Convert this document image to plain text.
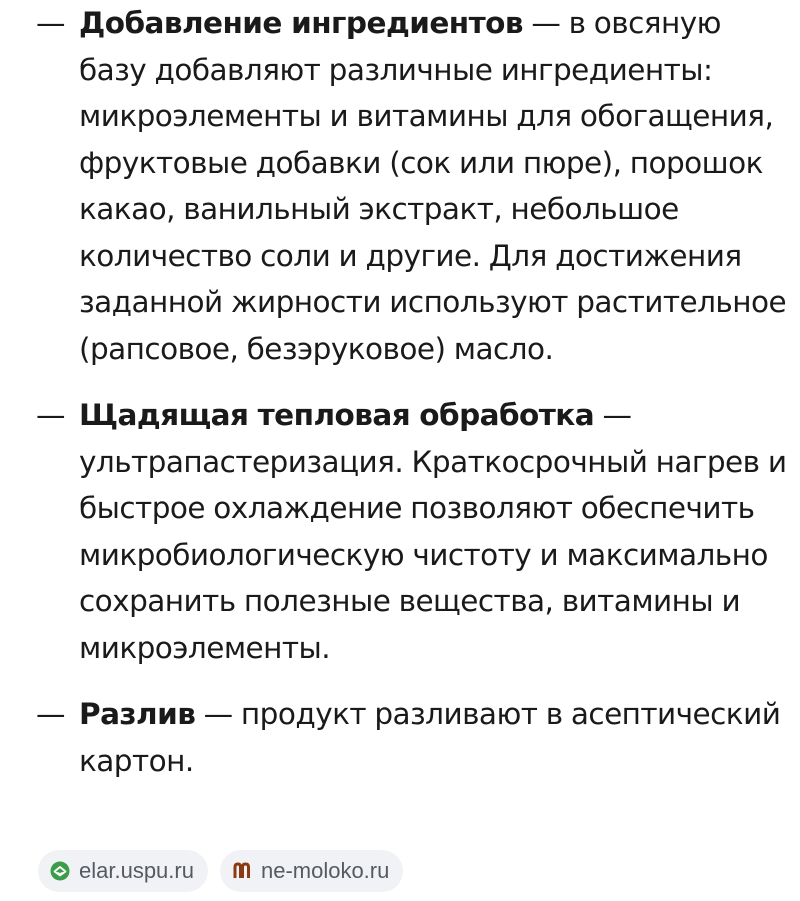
— Добавление ингредиентов — в овсяную базу добавляют различные ингредиенты: микроэлементы и витамины для обогащения, фруктовые добавки (сок или пюре), порошок какао, ванильный экстракт, небольшое количество соли и другие. Для достижения заданной жирности используют растительное (рапсовое, безэруковое) масло.
— Щадящая тепловая обработка — ультрапастеризация. Краткосрочный нагрев и быстрое охлаждение позволяют обеспечить микробиологическую чистоту и максимально сохранить полезные вещества, витамины и микроэлементы.
— Разлив — продукт разливают в асептический картон.
elar.uspu.ru	ne-moloko.ru
